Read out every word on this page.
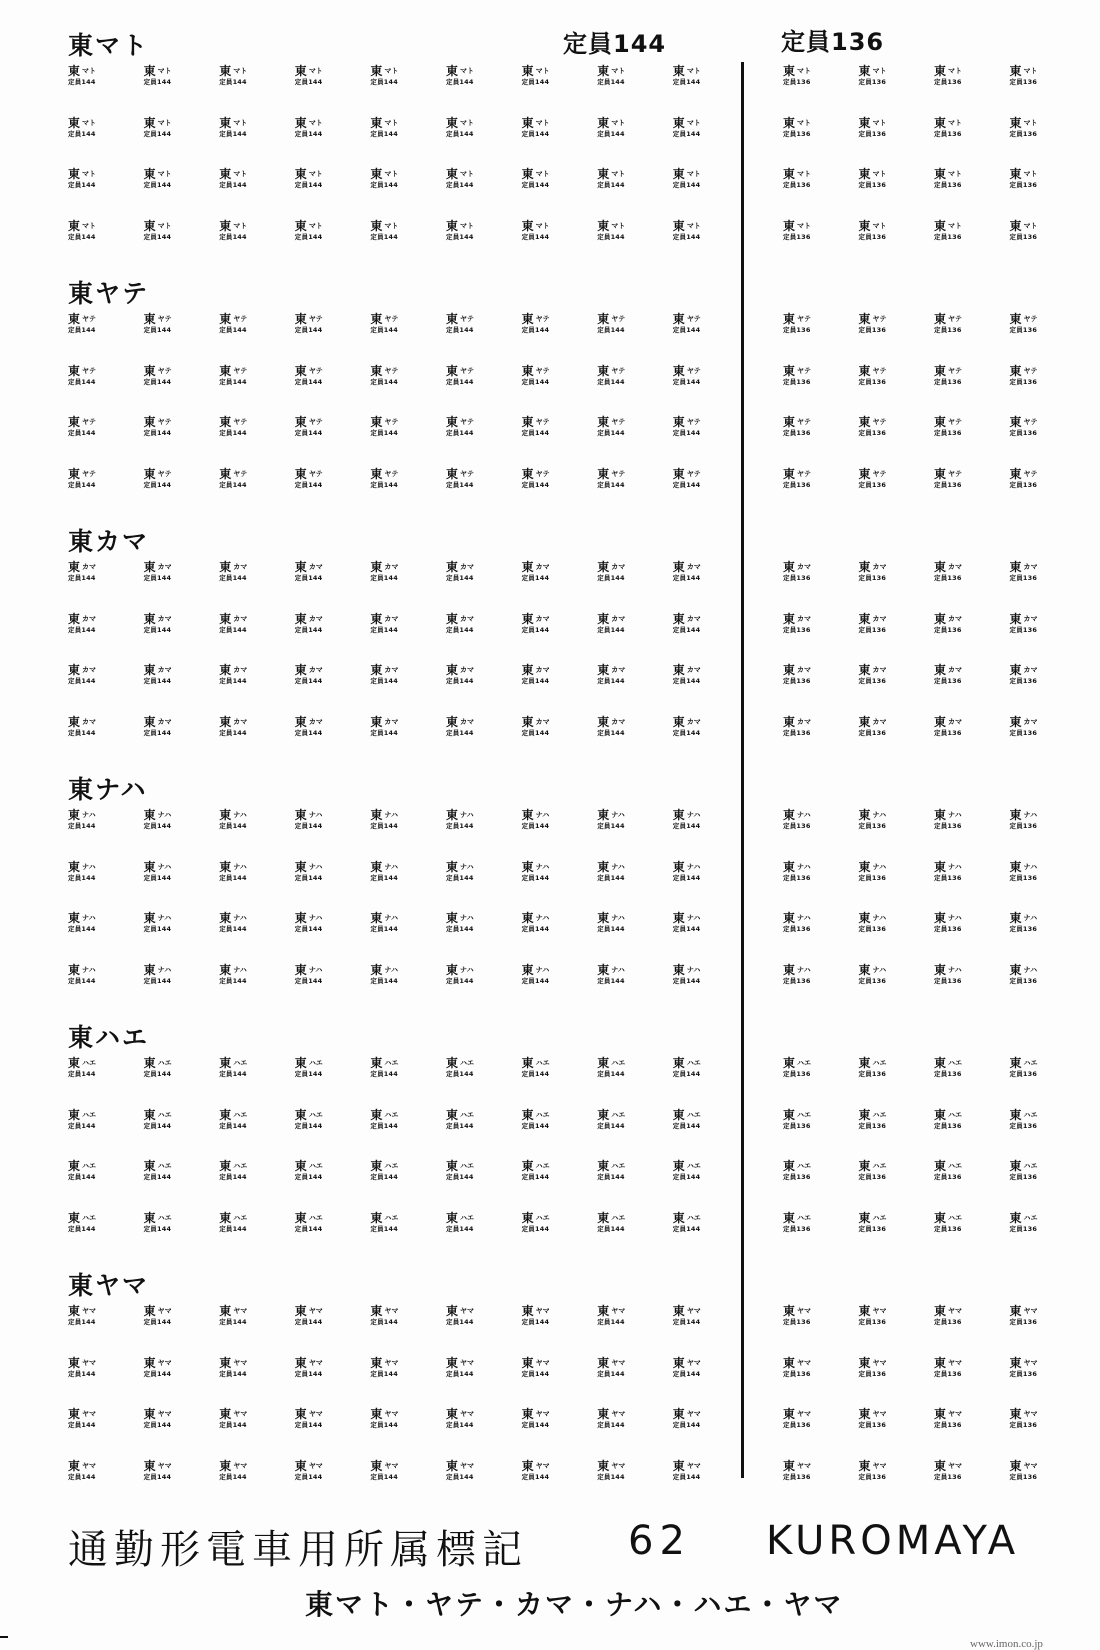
定員144	定員136
東マト
東マト
定員144
東マト
定員144
東マト
定員144
東マト
定員144
東マト
定員144
東マト
定員144
東マト
定員144
東マト
定員144
東マト
定員144
東マト
定員136
東マト
定員136
東マト
定員136
東マト
定員136
東マト
定員144
東マト
定員144
東マト
定員144
東マト
定員144
東マト
定員144
東マト
定員144
東マト
定員144
東マト
定員144
東マト
定員144
東マト
定員136
東マト
定員136
東マト
定員136
東マト
定員136
東マト
定員144
東マト
定員144
東マト
定員144
東マト
定員144
東マト
定員144
東マト
定員144
東マト
定員144
東マト
定員144
東マト
定員144
東マト
定員136
東マト
定員136
東マト
定員136
東マト
定員136
東マト
定員144
東マト
定員144
東マト
定員144
東マト
定員144
東マト
定員144
東マト
定員144
東マト
定員144
東マト
定員144
東マト
定員144
東マト
定員136
東マト
定員136
東マト
定員136
東マト
定員136
東ヤテ
東ヤテ
定員144
東ヤテ
定員144
東ヤテ
定員144
東ヤテ
定員144
東ヤテ
定員144
東ヤテ
定員144
東ヤテ
定員144
東ヤテ
定員144
東ヤテ
定員144
東ヤテ
定員136
東ヤテ
定員136
東ヤテ
定員136
東ヤテ
定員136
東ヤテ
定員144
東ヤテ
定員144
東ヤテ
定員144
東ヤテ
定員144
東ヤテ
定員144
東ヤテ
定員144
東ヤテ
定員144
東ヤテ
定員144
東ヤテ
定員144
東ヤテ
定員136
東ヤテ
定員136
東ヤテ
定員136
東ヤテ
定員136
東ヤテ
定員144
東ヤテ
定員144
東ヤテ
定員144
東ヤテ
定員144
東ヤテ
定員144
東ヤテ
定員144
東ヤテ
定員144
東ヤテ
定員144
東ヤテ
定員144
東ヤテ
定員136
東ヤテ
定員136
東ヤテ
定員136
東ヤテ
定員136
東ヤテ
定員144
東ヤテ
定員144
東ヤテ
定員144
東ヤテ
定員144
東ヤテ
定員144
東ヤテ
定員144
東ヤテ
定員144
東ヤテ
定員144
東ヤテ
定員144
東ヤテ
定員136
東ヤテ
定員136
東ヤテ
定員136
東ヤテ
定員136
東カマ
東カマ
定員144
東カマ
定員144
東カマ
定員144
東カマ
定員144
東カマ
定員144
東カマ
定員144
東カマ
定員144
東カマ
定員144
東カマ
定員144
東カマ
定員136
東カマ
定員136
東カマ
定員136
東カマ
定員136
東カマ
定員144
東カマ
定員144
東カマ
定員144
東カマ
定員144
東カマ
定員144
東カマ
定員144
東カマ
定員144
東カマ
定員144
東カマ
定員144
東カマ
定員136
東カマ
定員136
東カマ
定員136
東カマ
定員136
東カマ
定員144
東カマ
定員144
東カマ
定員144
東カマ
定員144
東カマ
定員144
東カマ
定員144
東カマ
定員144
東カマ
定員144
東カマ
定員144
東カマ
定員136
東カマ
定員136
東カマ
定員136
東カマ
定員136
東カマ
定員144
東カマ
定員144
東カマ
定員144
東カマ
定員144
東カマ
定員144
東カマ
定員144
東カマ
定員144
東カマ
定員144
東カマ
定員144
東カマ
定員136
東カマ
定員136
東カマ
定員136
東カマ
定員136
東ナハ
東ナハ
定員144
東ナハ
定員144
東ナハ
定員144
東ナハ
定員144
東ナハ
定員144
東ナハ
定員144
東ナハ
定員144
東ナハ
定員144
東ナハ
定員144
東ナハ
定員136
東ナハ
定員136
東ナハ
定員136
東ナハ
定員136
東ナハ
定員144
東ナハ
定員144
東ナハ
定員144
東ナハ
定員144
東ナハ
定員144
東ナハ
定員144
東ナハ
定員144
東ナハ
定員144
東ナハ
定員144
東ナハ
定員136
東ナハ
定員136
東ナハ
定員136
東ナハ
定員136
東ナハ
定員144
東ナハ
定員144
東ナハ
定員144
東ナハ
定員144
東ナハ
定員144
東ナハ
定員144
東ナハ
定員144
東ナハ
定員144
東ナハ
定員144
東ナハ
定員136
東ナハ
定員136
東ナハ
定員136
東ナハ
定員136
東ナハ
定員144
東ナハ
定員144
東ナハ
定員144
東ナハ
定員144
東ナハ
定員144
東ナハ
定員144
東ナハ
定員144
東ナハ
定員144
東ナハ
定員144
東ナハ
定員136
東ナハ
定員136
東ナハ
定員136
東ナハ
定員136
東ハエ
東ハエ
定員144
東ハエ
定員144
東ハエ
定員144
東ハエ
定員144
東ハエ
定員144
東ハエ
定員144
東ハエ
定員144
東ハエ
定員144
東ハエ
定員144
東ハエ
定員136
東ハエ
定員136
東ハエ
定員136
東ハエ
定員136
東ハエ
定員144
東ハエ
定員144
東ハエ
定員144
東ハエ
定員144
東ハエ
定員144
東ハエ
定員144
東ハエ
定員144
東ハエ
定員144
東ハエ
定員144
東ハエ
定員136
東ハエ
定員136
東ハエ
定員136
東ハエ
定員136
東ハエ
定員144
東ハエ
定員144
東ハエ
定員144
東ハエ
定員144
東ハエ
定員144
東ハエ
定員144
東ハエ
定員144
東ハエ
定員144
東ハエ
定員144
東ハエ
定員136
東ハエ
定員136
東ハエ
定員136
東ハエ
定員136
東ハエ
定員144
東ハエ
定員144
東ハエ
定員144
東ハエ
定員144
東ハエ
定員144
東ハエ
定員144
東ハエ
定員144
東ハエ
定員144
東ハエ
定員144
東ハエ
定員136
東ハエ
定員136
東ハエ
定員136
東ハエ
定員136
東ヤマ
東ヤマ
定員144
東ヤマ
定員144
東ヤマ
定員144
東ヤマ
定員144
東ヤマ
定員144
東ヤマ
定員144
東ヤマ
定員144
東ヤマ
定員144
東ヤマ
定員144
東ヤマ
定員136
東ヤマ
定員136
東ヤマ
定員136
東ヤマ
定員136
東ヤマ
定員144
東ヤマ
定員144
東ヤマ
定員144
東ヤマ
定員144
東ヤマ
定員144
東ヤマ
定員144
東ヤマ
定員144
東ヤマ
定員144
東ヤマ
定員144
東ヤマ
定員136
東ヤマ
定員136
東ヤマ
定員136
東ヤマ
定員136
東ヤマ
定員144
東ヤマ
定員144
東ヤマ
定員144
東ヤマ
定員144
東ヤマ
定員144
東ヤマ
定員144
東ヤマ
定員144
東ヤマ
定員144
東ヤマ
定員144
東ヤマ
定員136
東ヤマ
定員136
東ヤマ
定員136
東ヤマ
定員136
東ヤマ
定員144
東ヤマ
定員144
東ヤマ
定員144
東ヤマ
定員144
東ヤマ
定員144
東ヤマ
定員144
東ヤマ
定員144
東ヤマ
定員144
東ヤマ
定員144
東ヤマ
定員136
東ヤマ
定員136
東ヤマ
定員136
東ヤマ
定員136
通勤形電車用所属標記	62 KUROMAYA
東マト・ヤテ・カマ・ナハ・ハエ・ヤマ
www.imon.co.jp
